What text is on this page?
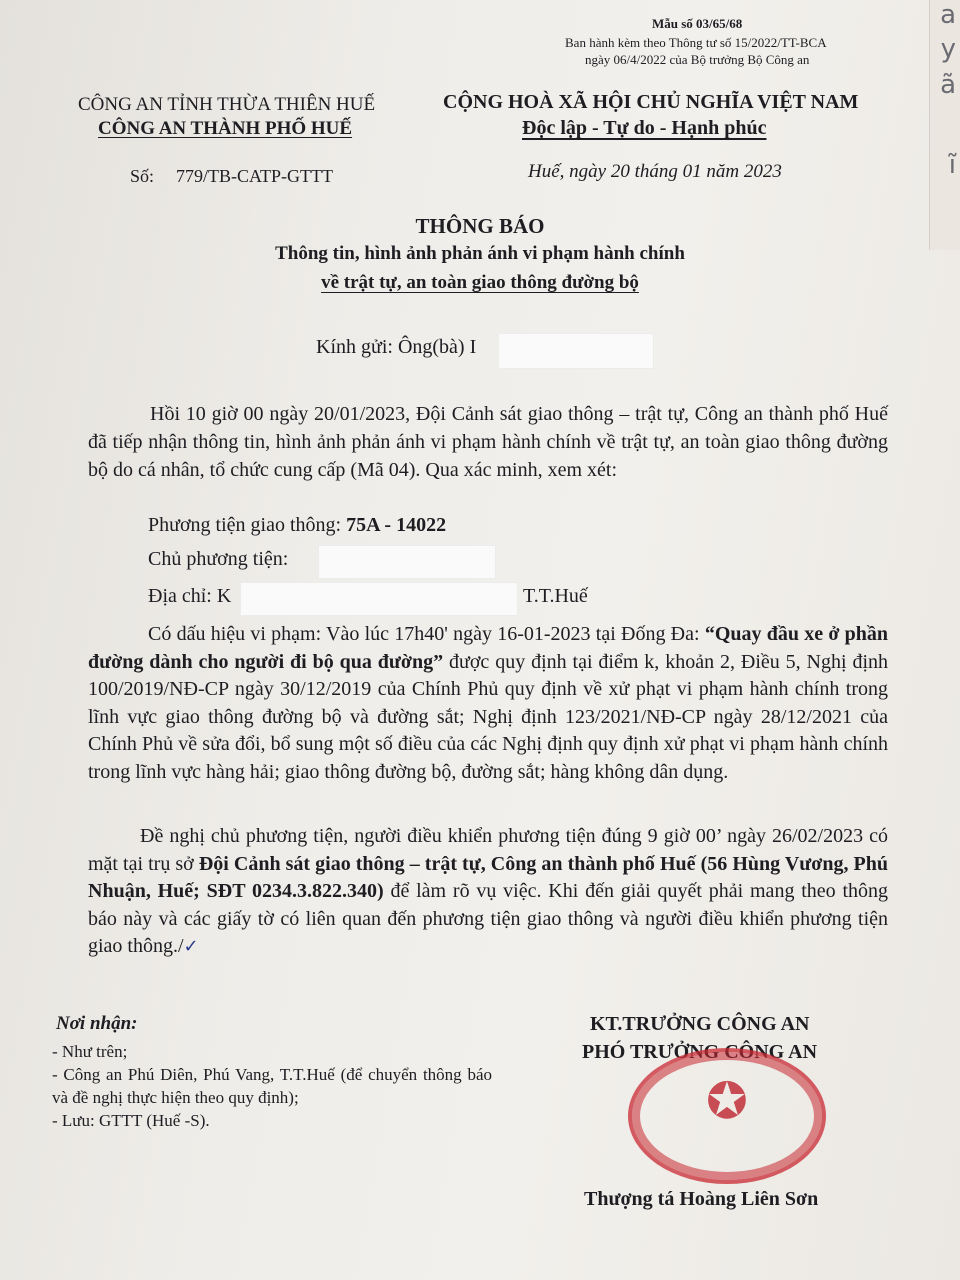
a
y
ã
ĩ
Mẫu số 03/65/68
Ban hành kèm theo Thông tư số 15/2022/TT-BCA
ngày 06/4/2022 của Bộ trưởng Bộ Công an
CÔNG AN TỈNH THỪA THIÊN HUẾ
CÔNG AN THÀNH PHỐ HUẾ
CỘNG HOÀ XÃ HỘI CHỦ NGHĨA VIỆT NAM
Độc lập - Tự do - Hạnh phúc
Số: 779/TB-CATP-GTTT	Huế, ngày 20 tháng 01 năm 2023
THÔNG BÁO
Thông tin, hình ảnh phản ánh vi phạm hành chính
về trật tự, an toàn giao thông đường bộ
Kính gửi: Ông(bà) I
Hồi 10 giờ 00 ngày 20/01/2023, Đội Cảnh sát giao thông – trật tự, Công an thành phố Huế đã tiếp nhận thông tin, hình ảnh phản ánh vi phạm hành chính về trật tự, an toàn giao thông đường bộ do cá nhân, tổ chức cung cấp (Mã 04). Qua xác minh, xem xét:
Phương tiện giao thông: 75A - 14022
Chủ phương tiện:
Địa chỉ: K	T.T.Huế
Có dấu hiệu vi phạm: Vào lúc 17h40' ngày 16-01-2023 tại Đống Đa: “Quay đầu xe ở phần đường dành cho người đi bộ qua đường” được quy định tại điểm k, khoản 2, Điều 5, Nghị định 100/2019/NĐ-CP ngày 30/12/2019 của Chính Phủ quy định về xử phạt vi phạm hành chính trong lĩnh vực giao thông đường bộ và đường sắt; Nghị định 123/2021/NĐ-CP ngày 28/12/2021 của Chính Phủ về sửa đổi, bổ sung một số điều của các Nghị định quy định xử phạt vi phạm hành chính trong lĩnh vực hàng hải; giao thông đường bộ, đường sắt; hàng không dân dụng.
Đề nghị chủ phương tiện, người điều khiển phương tiện đúng 9 giờ 00’ ngày 26/02/2023 có mặt tại trụ sở Đội Cảnh sát giao thông – trật tự, Công an thành phố Huế (56 Hùng Vương, Phú Nhuận, Huế; SĐT 0234.3.822.340) để làm rõ vụ việc. Khi đến giải quyết phải mang theo thông báo này và các giấy tờ có liên quan đến phương tiện giao thông và người điều khiển phương tiện giao thông./✓
Nơi nhận:
- Như trên;
- Công an Phú Diên, Phú Vang, T.T.Huế (để chuyển thông báo và đề nghị thực hiện theo quy định);
- Lưu: GTTT (Huế -S).
KT.TRƯỞNG CÔNG AN
PHÓ TRƯỞNG CÔNG AN
✪
Thượng tá Hoàng Liên Sơn
